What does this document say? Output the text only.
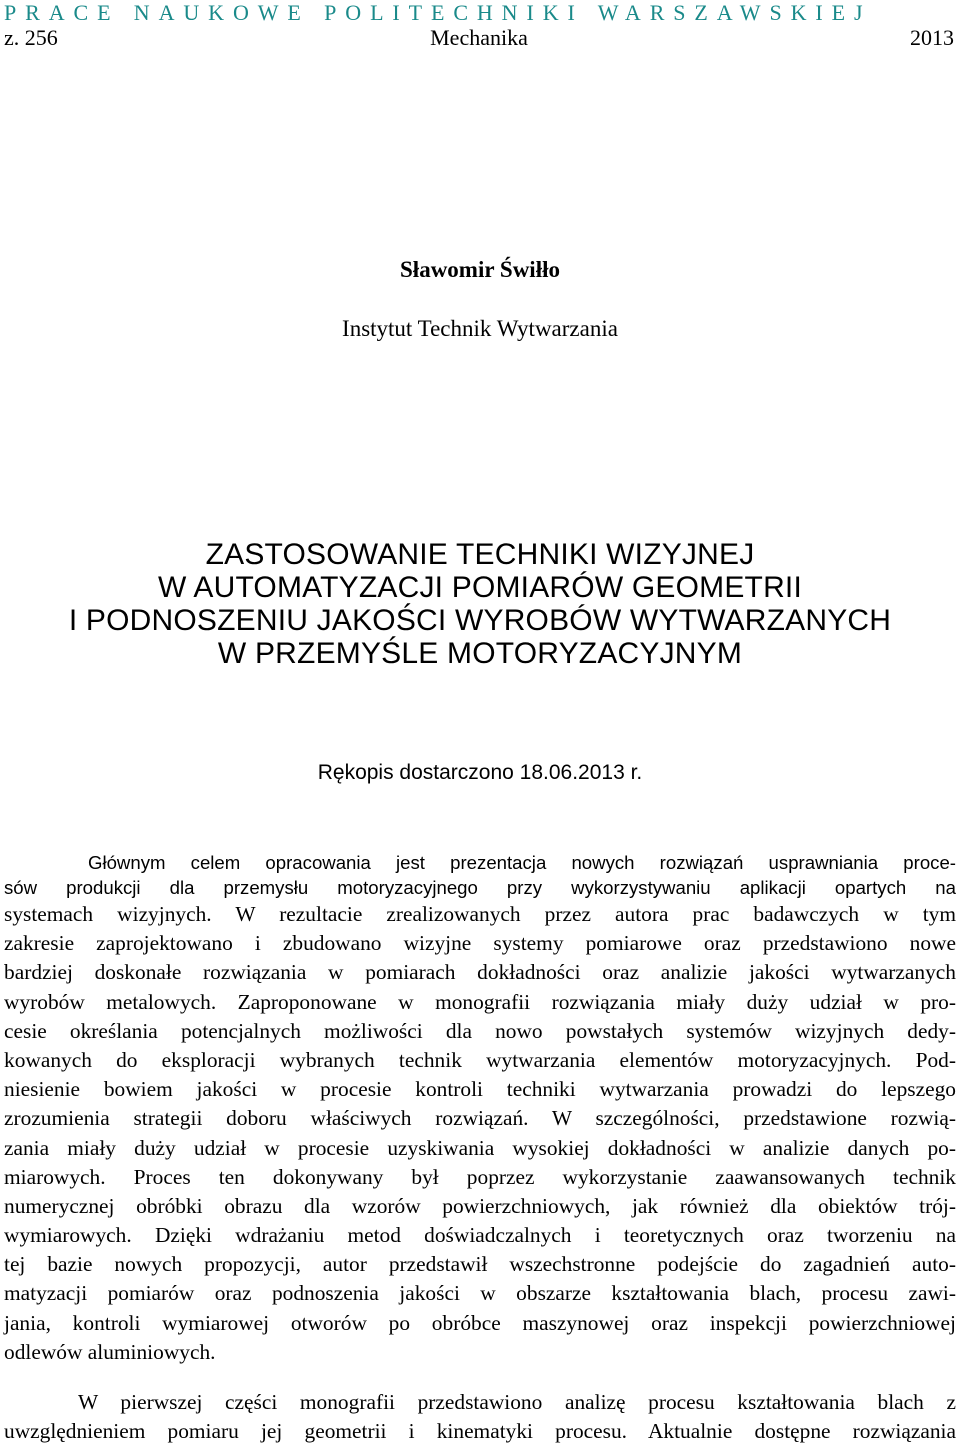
PRACE NAUKOWE POLITECHNIKI WARSZAWSKIEJ
z. 256	Mechanika	2013
Sławomir Świłło
Instytut Technik Wytwarzania
ZASTOSOWANIE TECHNIKI WIZYJNEJ
W AUTOMATYZACJI POMIARÓW GEOMETRII
I PODNOSZENIU JAKOŚCI WYROBÓW WYTWARZANYCH
W PRZEMYŚLE MOTORYZACYJNYM
Rękopis dostarczono 18.06.2013 r.
Głównym celem opracowania jest prezentacja nowych rozwiązań usprawniania proce-
sów produkcji dla przemysłu motoryzacyjnego przy wykorzystywaniu aplikacji opartych na
systemach wizyjnych. W rezultacie zrealizowanych przez autora prac badawczych w tym
zakresie zaprojektowano i zbudowano wizyjne systemy pomiarowe oraz przedstawiono nowe
bardziej doskonałe rozwiązania w pomiarach dokładności oraz analizie jakości wytwarzanych
wyrobów metalowych. Zaproponowane w monografii rozwiązania miały duży udział w pro-
cesie określania potencjalnych możliwości dla nowo powstałych systemów wizyjnych dedy-
kowanych do eksploracji wybranych technik wytwarzania elementów motoryzacyjnych. Pod-
niesienie bowiem jakości w procesie kontroli techniki wytwarzania prowadzi do lepszego
zrozumienia strategii doboru właściwych rozwiązań. W szczególności, przedstawione rozwią-
zania miały duży udział w procesie uzyskiwania wysokiej dokładności w analizie danych po-
miarowych. Proces ten dokonywany był poprzez wykorzystanie zaawansowanych technik
numerycznej obróbki obrazu dla wzorów powierzchniowych, jak również dla obiektów trój-
wymiarowych. Dzięki wdrażaniu metod doświadczalnych i teoretycznych oraz tworzeniu na
tej bazie nowych propozycji, autor przedstawił wszechstronne podejście do zagadnień auto-
matyzacji pomiarów oraz podnoszenia jakości w obszarze kształtowania blach, procesu zawi-
jania, kontroli wymiarowej otworów po obróbce maszynowej oraz inspekcji powierzchniowej
odlewów aluminiowych.
W pierwszej części monografii przedstawiono analizę procesu kształtowania blach z
uwzględnieniem pomiaru jej geometrii i kinematyki procesu. Aktualnie dostępne rozwiązania
